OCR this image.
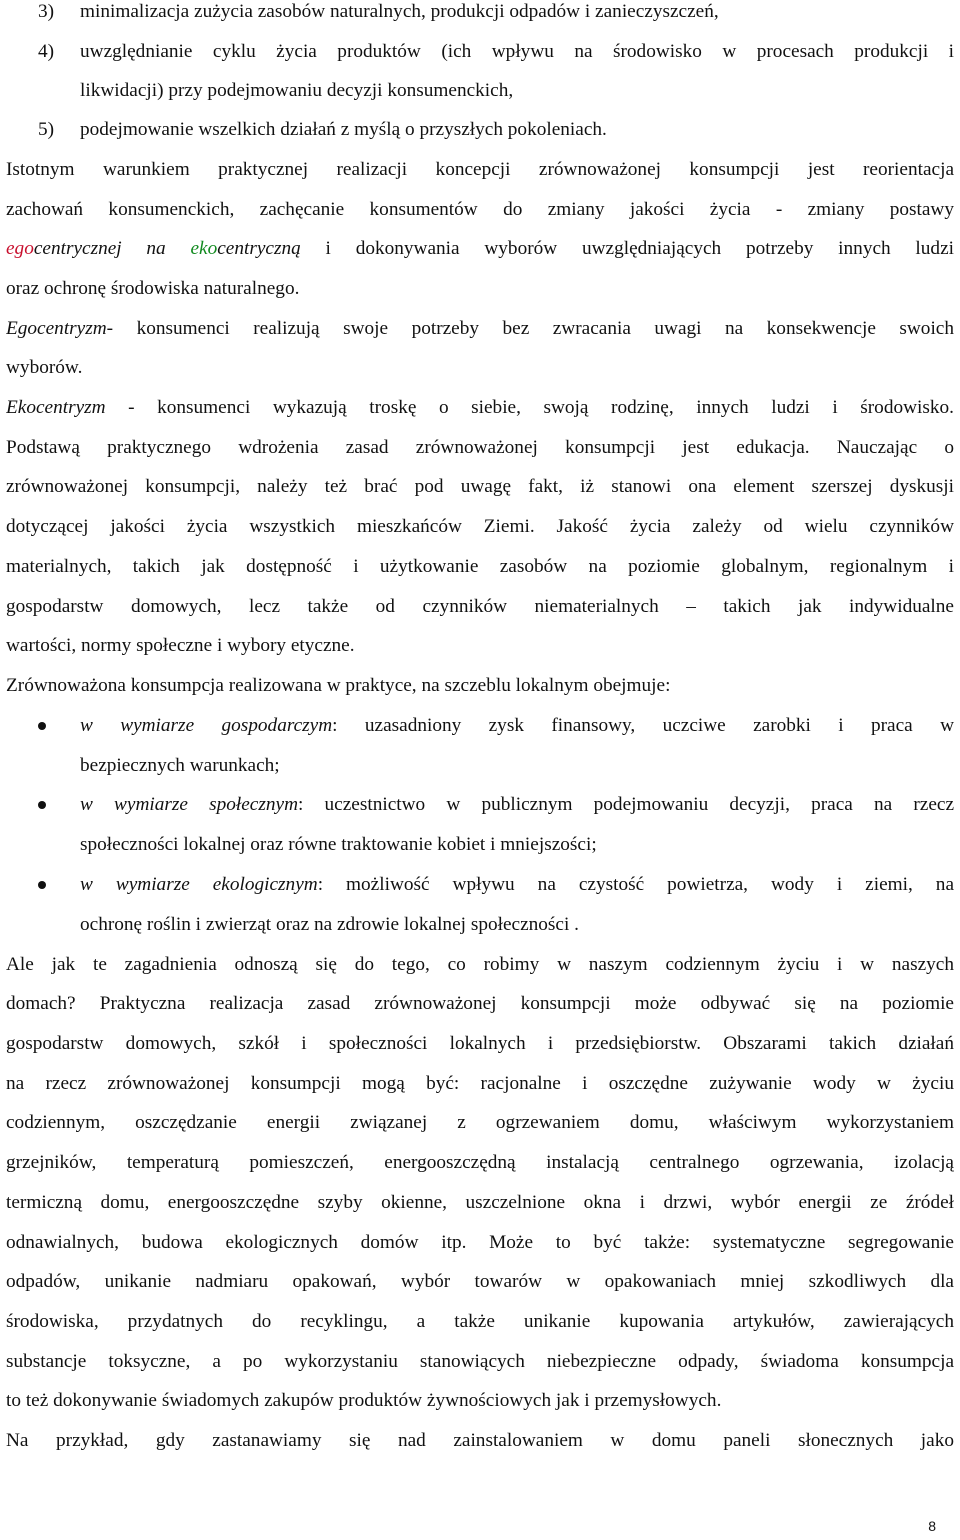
3) minimalizacja zużycia zasobów naturalnych, produkcji odpadów i zanieczyszczeń,
4) uwzględnianie cyklu życia produktów (ich wpływu na środowisko w procesach produkcji i
likwidacji) przy podejmowaniu decyzji konsumenckich,
5) podejmowanie wszelkich działań z myślą o przyszłych pokoleniach.
Istotnym warunkiem praktycznej realizacji koncepcji zrównoważonej konsumpcji jest reorientacja
zachowań konsumenckich, zachęcanie konsumentów do zmiany jakości życia - zmiany postawy
egocentrycznej na ekocentryczną i dokonywania wyborów uwzględniających potrzeby innych ludzi
oraz ochronę środowiska naturalnego.
Egocentryzm- konsumenci realizują swoje potrzeby bez zwracania uwagi na konsekwencje swoich
wyborów.
Ekocentryzm - konsumenci wykazują troskę o siebie, swoją rodzinę, innych ludzi i środowisko.
Podstawą praktycznego wdrożenia zasad zrównoważonej konsumpcji jest edukacja. Nauczając o
zrównoważonej konsumpcji, należy też brać pod uwagę fakt, iż stanowi ona element szerszej dyskusji
dotyczącej jakości życia wszystkich mieszkańców Ziemi. Jakość życia zależy od wielu czynników
materialnych, takich jak dostępność i użytkowanie zasobów na poziomie globalnym, regionalnym i
gospodarstw domowych, lecz także od czynników niematerialnych – takich jak indywidualne
wartości, normy społeczne i wybory etyczne.
Zrównoważona konsumpcja realizowana w praktyce, na szczeblu lokalnym obejmuje:
w wymiarze gospodarczym: uzasadniony zysk finansowy, uczciwe zarobki i praca w
bezpiecznych warunkach;
w wymiarze społecznym: uczestnictwo w publicznym podejmowaniu decyzji, praca na rzecz
społeczności lokalnej oraz równe traktowanie kobiet i mniejszości;
w wymiarze ekologicznym: możliwość wpływu na czystość powietrza, wody i ziemi, na
ochronę roślin i zwierząt oraz na zdrowie lokalnej społeczności .
Ale jak te zagadnienia odnoszą się do tego, co robimy w naszym codziennym życiu i w naszych
domach? Praktyczna realizacja zasad zrównoważonej konsumpcji może odbywać się na poziomie
gospodarstw domowych, szkół i społeczności lokalnych i przedsiębiorstw. Obszarami takich działań
na rzecz zrównoważonej konsumpcji mogą być: racjonalne i oszczędne zużywanie wody w życiu
codziennym, oszczędzanie energii związanej z ogrzewaniem domu, właściwym wykorzystaniem
grzejników, temperaturą pomieszczeń, energooszczędną instalacją centralnego ogrzewania, izolacją
termiczną domu, energooszczędne szyby okienne, uszczelnione okna i drzwi, wybór energii ze źródeł
odnawialnych, budowa ekologicznych domów itp. Może to być także: systematyczne segregowanie
odpadów, unikanie nadmiaru opakowań, wybór towarów w opakowaniach mniej szkodliwych dla
środowiska, przydatnych do recyklingu, a także unikanie kupowania artykułów, zawierających
substancje toksyczne, a po wykorzystaniu stanowiących niebezpieczne odpady, świadoma konsumpcja
to też dokonywanie świadomych zakupów produktów żywnościowych jak i przemysłowych.
Na przykład, gdy zastanawiamy się nad zainstalowaniem w domu paneli słonecznych jako
8
